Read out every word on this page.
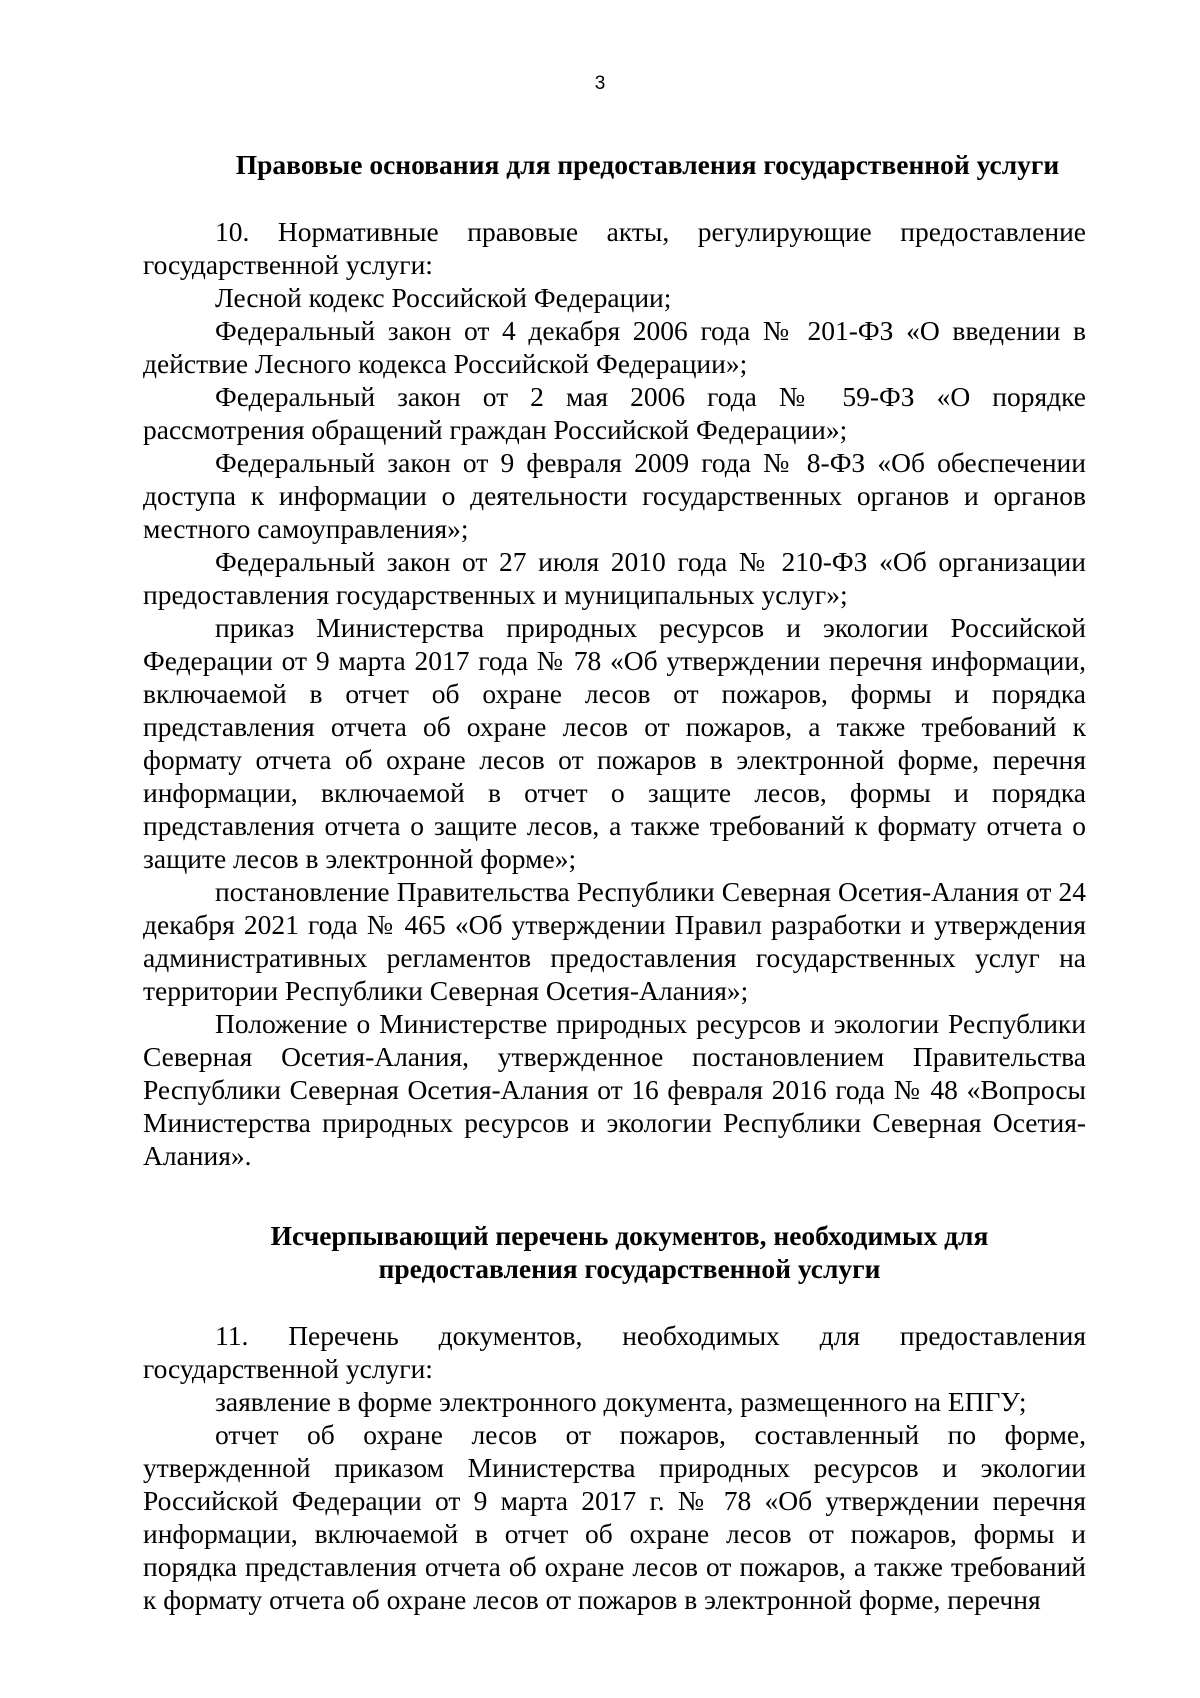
3
Правовые основания для предоставления государственной услуги

10. Нормативные правовые акты, регулирующие предоставление государственной услуги:

Лесной кодекс Российской Федерации;

Федеральный закон от 4 декабря 2006 года № 201-ФЗ «О введении в действие Лесного кодекса Российской Федерации»;

Федеральный закон от 2 мая 2006 года № 59-ФЗ «О порядке рассмотрения обращений граждан Российской Федерации»;

Федеральный закон от 9 февраля 2009 года № 8-ФЗ «Об обеспечении доступа к информации о деятельности государственных органов и органов местного самоуправления»;

Федеральный закон от 27 июля 2010 года № 210-ФЗ «Об организации предоставления государственных и муниципальных услуг»;

приказ Министерства природных ресурсов и экологии Российской Федерации от 9 марта 2017 года № 78 «Об утверждении перечня информации, включаемой в отчет об охране лесов от пожаров, формы и порядка представления отчета об охране лесов от пожаров, а также требований к формату отчета об охране лесов от пожаров в электронной форме, перечня информации, включаемой в отчет о защите лесов, формы и порядка представления отчета о защите лесов, а также требований к формату отчета о защите лесов в электронной форме»;

постановление Правительства Республики Северная Осетия-Алания от 24 декабря 2021 года № 465 «Об утверждении Правил разработки и утверждения административных регламентов предоставления государственных услуг на территории Республики Северная Осетия-Алания»;

Положение о Министерстве природных ресурсов и экологии Республики Северная Осетия-Алания, утвержденное постановлением Правительства Республики Северная Осетия-Алания от 16 февраля 2016 года № 48 «Вопросы Министерства природных ресурсов и экологии Республики Северная Осетия-Алания».

Исчерпывающий перечень документов, необходимых для предоставления государственной услуги

11. Перечень документов, необходимых для предоставления государственной услуги:

заявление в форме электронного документа, размещенного на ЕПГУ;

отчет об охране лесов от пожаров, составленный по форме, утвержденной приказом Министерства природных ресурсов и экологии Российской Федерации от 9 марта 2017 г. № 78 «Об утверждении перечня информации, включаемой в отчет об охране лесов от пожаров, формы и порядка представления отчета об охране лесов от пожаров, а также требований к формату отчета об охране лесов от пожаров в электронной форме, перечня
